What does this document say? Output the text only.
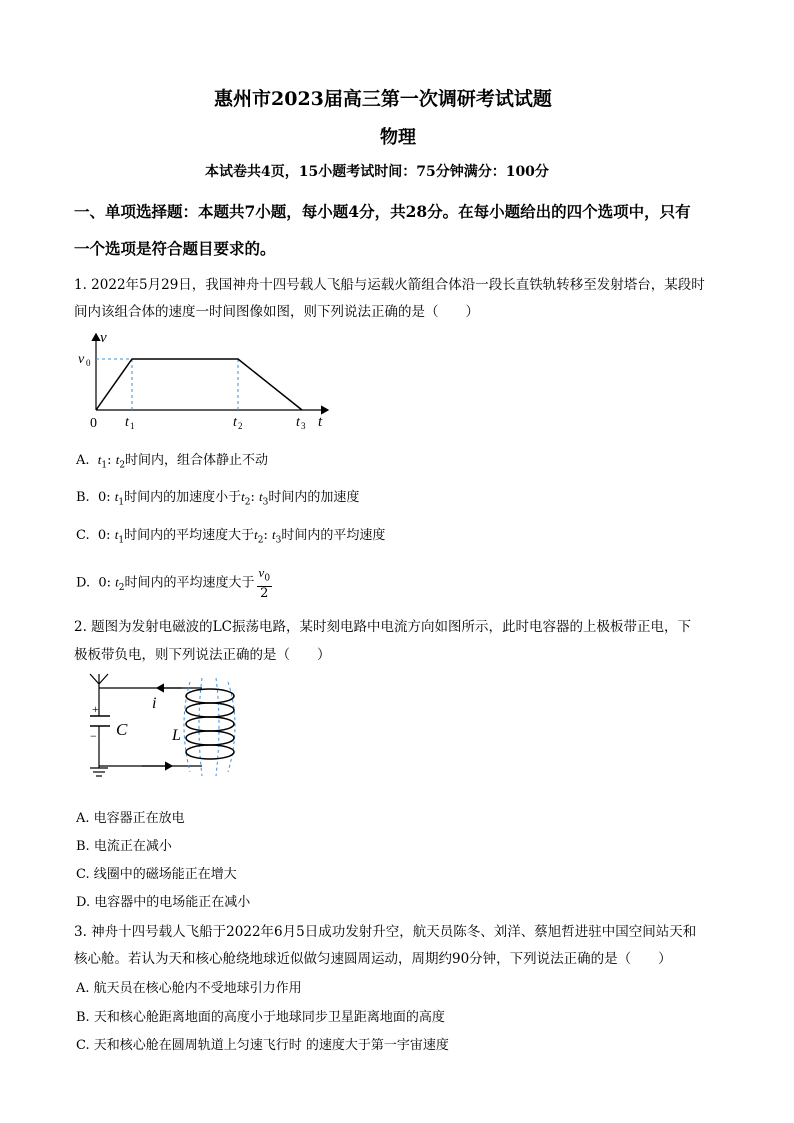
惠州市2023届高三第一次调研考试试题
物理
本试卷共4页，15小题考试时间：75分钟满分：100分
一、单项选择题：本题共7小题，每小题4分，共28分。在每小题给出的四个选项中，只有
一个选项是符合题目要求的。
1. 2022年5月29日，我国神舟十四号载人飞船与运载火箭组合体沿一段长直铁轨转移至发射塔台，某段时
间内该组合体的速度一时间图像如图，则下列说法正确的是（　　）
v
v 0
0 t 1	t 2	t 3 t
A. $t_1$: $t_2$时间内，组合体静止不动
B. 0: $t_1$时间内的加速度小于$t_2$: $t_3$时间内的加速度
C. 0: $t_1$时间内的平均速度大于$t_2$: $t_3$时间内的平均速度
D. 0: $t_2$时间内的平均速度大于 $\frac{v_0}{2}$
2. 题图为发射电磁波的LC振荡电路，某时刻电路中电流方向如图所示，此时电容器的上极板带正电，下
极板带负电，则下列说法正确的是（　　）
+
− C
i
L
A. 电容器正在放电
B. 电流正在减小
C. 线圈中的磁场能正在增大
D. 电容器中的电场能正在减小
3. 神舟十四号载人飞船于2022年6月5日成功发射升空，航天员陈冬、刘洋、蔡旭哲进驻中国空间站天和
核心舱。若认为天和核心舱绕地球近似做匀速圆周运动，周期约90分钟，下列说法正确的是（　　）
A. 航天员在核心舱内不受地球引力作用
B. 天和核心舱距离地面的高度小于地球同步卫星距离地面的高度
C. 天和核心舱在圆周轨道上匀速飞行时 的速度大于第一宇宙速度
